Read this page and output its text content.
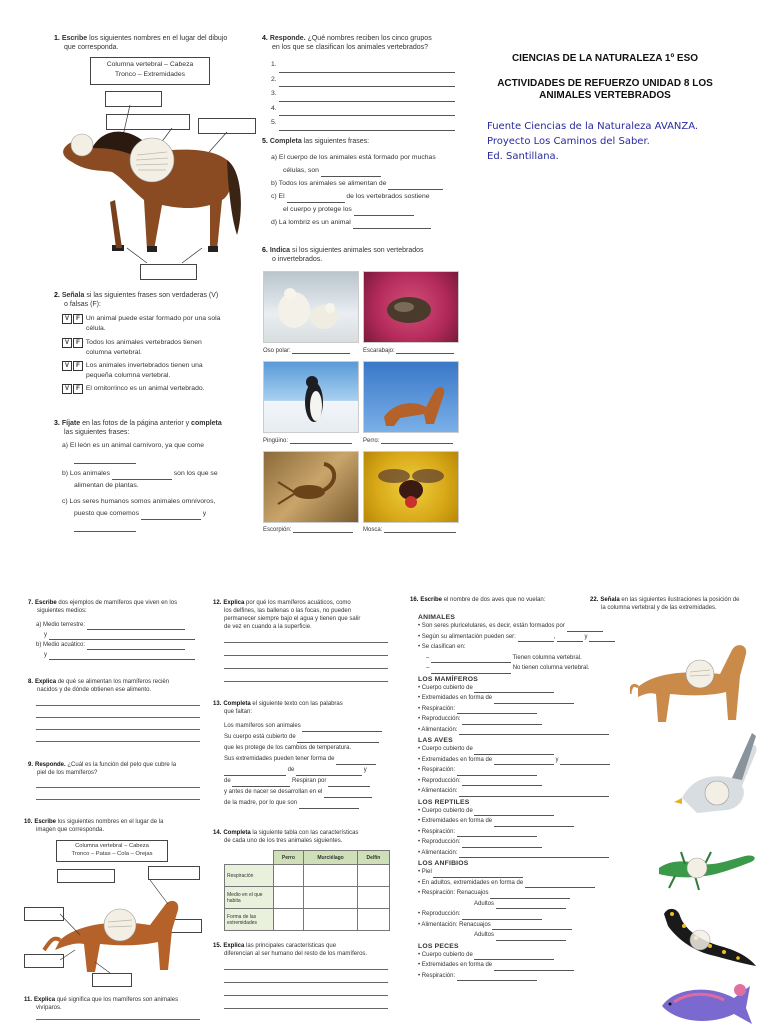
CIENCIAS DE LA NATURALEZA 1º ESO
ACTIVIDADES DE REFUERZO UNIDAD 8 LOS
ANIMALES VERTEBRADOS
Fuente Ciencias de la Naturaleza AVANZA.
Proyecto Los Caminos del Saber.
Ed. Santillana.
1. Escribe los siguientes nombres en el lugar del dibujo
que corresponda.
Columna vertebral – Cabeza
Tronco – Extremidades
2. Señala si las siguientes frases son verdaderas (V)
o falsas (F):
V F Un animal puede estar formado por una sola
célula.
V F Todos los animales vertebrados tienen
columna vertebral.
V F Los animales invertebrados tienen una
pequeña columna vertebral.
V F El ornitorrinco es un animal vertebrado.
3. Fíjate en las fotos de la página anterior y completa
las siguientes frases:
a) El león es un animal carnívoro, ya que come
b) Los animales	son los que se
alimentan de plantas.
c) Los seres humanos somos animales omnívoros,
puesto que comemos	y
4. Responde. ¿Qué nombres reciben los cinco grupos
en los que se clasifican los animales vertebrados?
1.
2.
3.
4.
5.
5. Completa las siguientes frases:
a) El cuerpo de los animales está formado por muchas
células, son
b) Todos los animales se alimentan de
c) El	de los vertebrados sostiene
el cuerpo y protege los
d) La lombriz es un animal
6. Indica si los siguientes animales son vertebrados
o invertebrados.
Oso polar:	Escarabajo:
Pingüino:	Perro:
Escorpión:	Mosca:
7. Escribe dos ejemplos de mamíferos que viven en los
siguientes medios:
a) Medio terrestre:
y
b) Medio acuático:
y
8. Explica de qué se alimentan los mamíferos recién
nacidos y de dónde obtienen ese alimento.
9. Responde. ¿Cuál es la función del pelo que cubre la
piel de los mamíferos?
10. Escribe los siguientes nombres en el lugar de la
imagen que corresponda.
Columna vertebral – Cabeza
Tronco – Patas – Cola – Orejas
11. Explica qué significa que los mamíferos son animales
vivíparos.
12. Explica por qué los mamíferos acuáticos, como
los delfines, las ballenas o las focas, no pueden
permanecer siempre bajo el agua y tienen que salir
de vez en cuando a la superficie.
13. Completa el siguiente texto con las palabras
que faltan:
Los mamíferos son animales
Su cuerpo está cubierto de
que les protege de los cambios de temperatura.
Sus extremidades pueden tener forma de
de	y
de	Respiran por
y antes de nacer se desarrollan en el
de la madre, por lo que son
14. Completa la siguiente tabla con las características
de cada uno de los tres animales siguientes.
	Perro	Murciélago	Delfín
Respiración			
Medio en el que habita			
Forma de las extremidades			
15. Explica las principales características que
diferencian al ser humano del resto de los mamíferos.
16. Escribe el nombre de dos aves que no vuelan:
ANIMALES
• Son seres pluricelulares, es decir, están formados por
• Según su alimentación pueden ser:	,	y
• Se clasifican en:
–	Tienen columna vertebral.
–	No tienen columna vertebral.
LOS MAMÍFEROS
• Cuerpo cubierto de
• Extremidades en forma de
• Respiración:
• Reproducción:
• Alimentación:
LAS AVES
• Cuerpo cubierto de
• Extremidades en forma de	y
• Respiración:
• Reproducción:
• Alimentación:
LOS REPTILES
• Cuerpo cubierto de
• Extremidades en forma de
• Respiración:
• Reproducción:
• Alimentación:
LOS ANFIBIOS
• Piel
• En adultos, extremidades en forma de
• Respiración: Renacuajos
Adultos
• Reproducción:
• Alimentación: Renacuajos
Adultos
LOS PECES
• Cuerpo cubierto de
• Extremidades en forma de
• Respiración:
22. Señala en las siguientes ilustraciones la posición de
la columna vertebral y de las extremidades.
